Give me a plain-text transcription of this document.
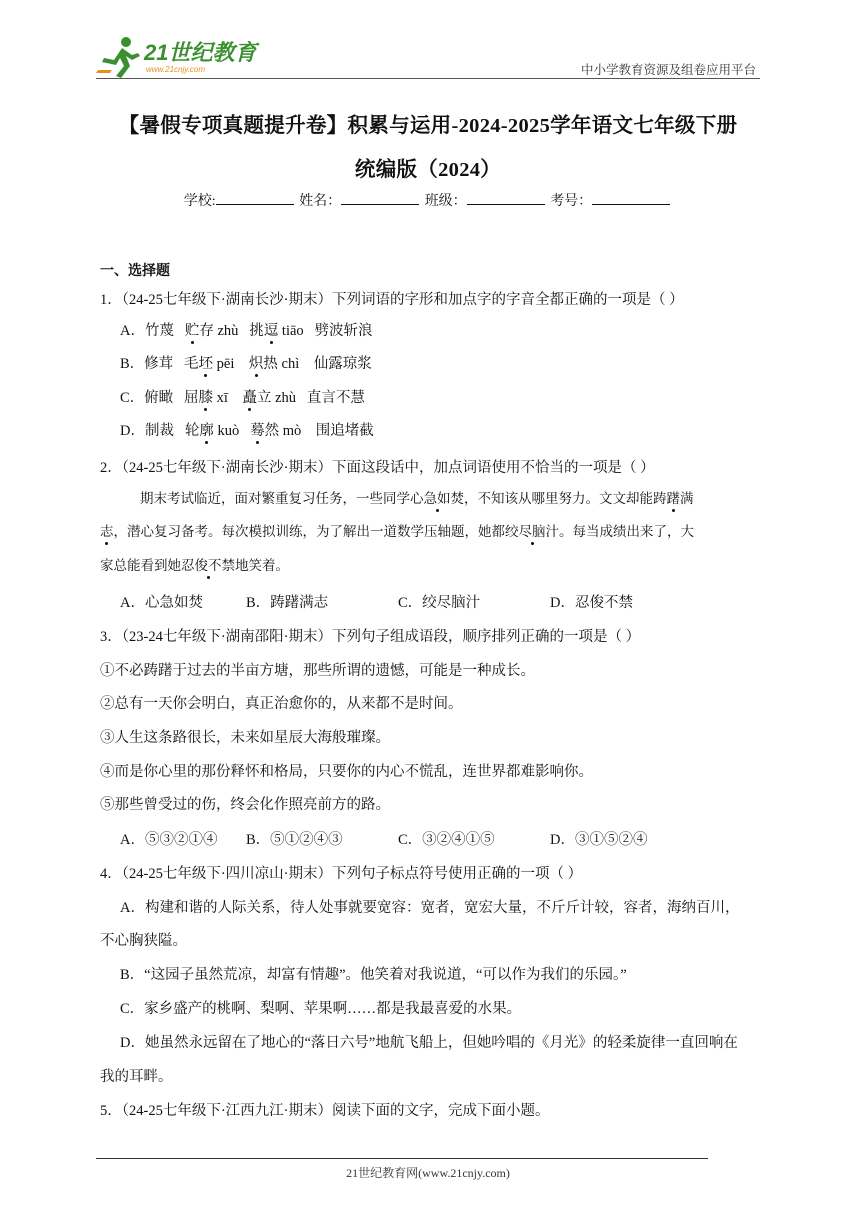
21世纪教育
www.21cnjy.com	中小学教育资源及组卷应用平台
【暑假专项真题提升卷】积累与运用-2024-2025学年语文七年级下册
统编版（2024）
学校:	姓名：	班级：	考号：
一、选择题
1．（24-25七年级下·湖南长沙·期末）下列词语的字形和加点字的字音全都正确的一项是（ ）
A．竹蔑 贮存 zhù 挑逗 tiāo 劈波斩浪
B．修茸 毛坯 pēi 炽热 chì 仙露琼浆
C．俯瞰 屈膝 xī 矗立 zhù 直言不慧
D．制裁 轮廓 kuò 蓦然 mò 围追堵截
2．（24-25七年级下·湖南长沙·期末）下面这段话中，加点词语使用不恰当的一项是（ ）
期末考试临近，面对繁重复习任务，一些同学心急如焚，不知该从哪里努力。文文却能踌躇满
志，潜心复习备考。每次模拟训练，为了解出一道数学压轴题，她都绞尽脑汁。每当成绩出来了，大
家总能看到她忍俊不禁地笑着。
A．心急如焚	B．踌躇满志	C．绞尽脑汁	D．忍俊不禁
3．（23-24七年级下·湖南邵阳·期末）下列句子组成语段，顺序排列正确的一项是（ ）
①不必踌躇于过去的半亩方塘，那些所谓的遗憾，可能是一种成长。
②总有一天你会明白，真正治愈你的，从来都不是时间。
③人生这条路很长，未来如星辰大海般璀璨。
④而是你心里的那份释怀和格局，只要你的内心不慌乱，连世界都难影响你。
⑤那些曾受过的伤，终会化作照亮前方的路。
A．⑤③②①④ B．⑤①②④③	C．③②④①⑤	D．③①⑤②④
4．（24-25七年级下·四川凉山·期末）下列句子标点符号使用正确的一项（ ）
A．构建和谐的人际关系，待人处事就要宽容：宽者，宽宏大量，不斤斤计较，容者，海纳百川，
不心胸狭隘。
B．“这园子虽然荒凉，却富有情趣”。他笑着对我说道，“可以作为我们的乐园。”
C．家乡盛产的桃啊、梨啊、苹果啊……都是我最喜爱的水果。
D．她虽然永远留在了地心的“落日六号”地航飞船上，但她吟唱的《月光》的轻柔旋律一直回响在
我的耳畔。
5．（24-25七年级下·江西九江·期末）阅读下面的文字，完成下面小题。
21世纪教育网(www.21cnjy.com)
